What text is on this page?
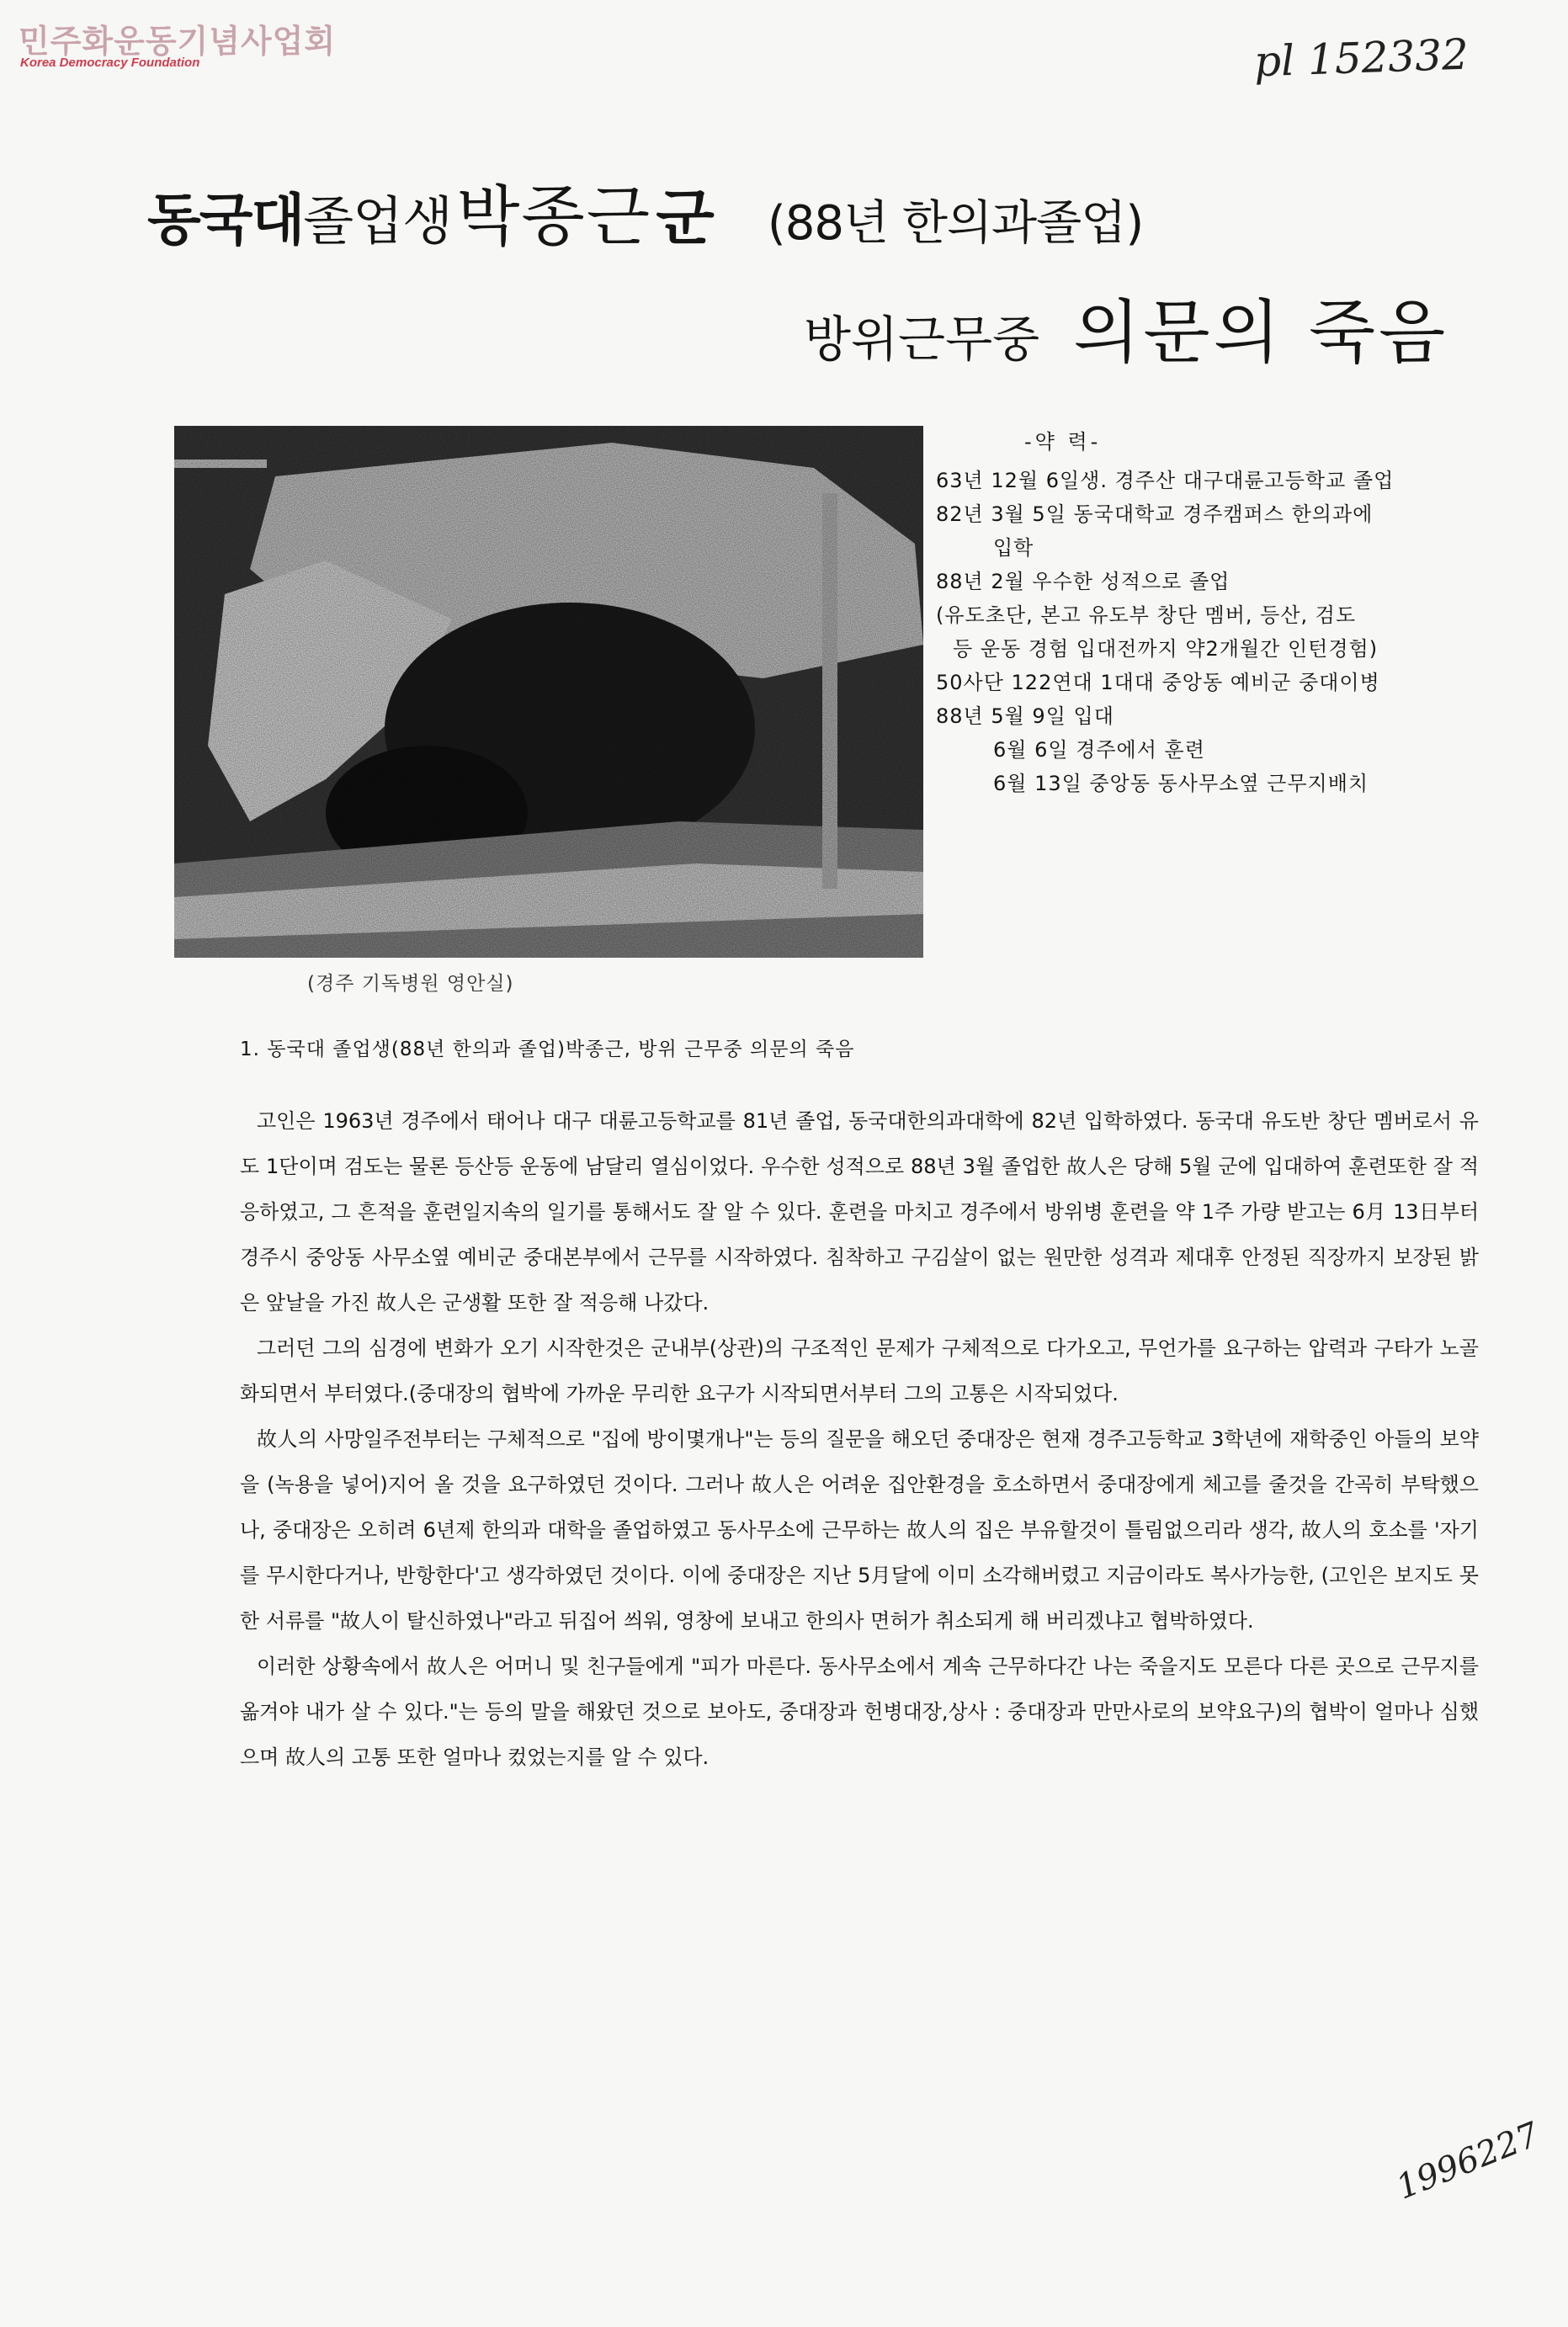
민주화운동기념사업회
Korea Democracy Foundation	pl 152332
1996227
동국대졸업생 박종근 군 (88년 한의과졸업)
방위근무중 의문의 죽음
(경주 기독병원 영안실)
-약 력-
63년 12월 6일생. 경주산 대구대륜고등학교 졸업
82년 3월 5일 동국대학교 경주캠퍼스 한의과에
입학
88년 2월 우수한 성적으로 졸업
(유도초단, 본고 유도부 창단 멤버, 등산, 검도
등 운동 경험 입대전까지 약2개월간 인턴경험)
50사단 122연대 1대대 중앙동 예비군 중대이병
88년 5월 9일 입대
6월 6일 경주에서 훈련
6월 13일 중앙동 동사무소옆 근무지배치
1. 동국대 졸업생(88년 한의과 졸업)박종근, 방위 근무중 의문의 죽음

고인은 1963년 경주에서 태어나 대구 대륜고등학교를 81년 졸업, 동국대한의과대학에 82년 입학하였다. 동국대 유도반 창단 멤버로서 유도 1단이며 검도는 물론 등산등 운동에 남달리 열심이었다. 우수한 성적으로 88년 3월 졸업한 故人은 당해 5월 군에 입대하여 훈련또한 잘 적응하였고, 그 흔적을 훈련일지속의 일기를 통해서도 잘 알 수 있다. 훈련을 마치고 경주에서 방위병 훈련을 약 1주 가량 받고는 6月 13日부터 경주시 중앙동 사무소옆 예비군 중대본부에서 근무를 시작하였다. 침착하고 구김살이 없는 원만한 성격과 제대후 안정된 직장까지 보장된 밝은 앞날을 가진 故人은 군생활 또한 잘 적응해 나갔다.

그러던 그의 심경에 변화가 오기 시작한것은 군내부(상관)의 구조적인 문제가 구체적으로 다가오고, 무언가를 요구하는 압력과 구타가 노골화되면서 부터였다.(중대장의 협박에 가까운 무리한 요구가 시작되면서부터 그의 고통은 시작되었다.

故人의 사망일주전부터는 구체적으로 "집에 방이몇개나"는 등의 질문을 해오던 중대장은 현재 경주고등학교 3학년에 재학중인 아들의 보약을 (녹용을 넣어)지어 올 것을 요구하였던 것이다. 그러나 故人은 어려운 집안환경을 호소하면서 중대장에게 체고를 줄것을 간곡히 부탁했으나, 중대장은 오히려 6년제 한의과 대학을 졸업하였고 동사무소에 근무하는 故人의 집은 부유할것이 틀림없으리라 생각, 故人의 호소를 '자기를 무시한다거나, 반항한다'고 생각하였던 것이다. 이에 중대장은 지난 5月달에 이미 소각해버렸고 지금이라도 복사가능한, (고인은 보지도 못한 서류를 "故人이 탈신하였나"라고 뒤집어 씌워, 영창에 보내고 한의사 면허가 취소되게 해 버리겠냐고 협박하였다.

이러한 상황속에서 故人은 어머니 및 친구들에게 "피가 마른다. 동사무소에서 계속 근무하다간 나는 죽을지도 모른다 다른 곳으로 근무지를 옮겨야 내가 살 수 있다."는 등의 말을 해왔던 것으로 보아도, 중대장과 헌병대장,상사 : 중대장과 만만사로의 보약요구)의 협박이 얼마나 심했으며 故人의 고통 또한 얼마나 컸었는지를 알 수 있다.
